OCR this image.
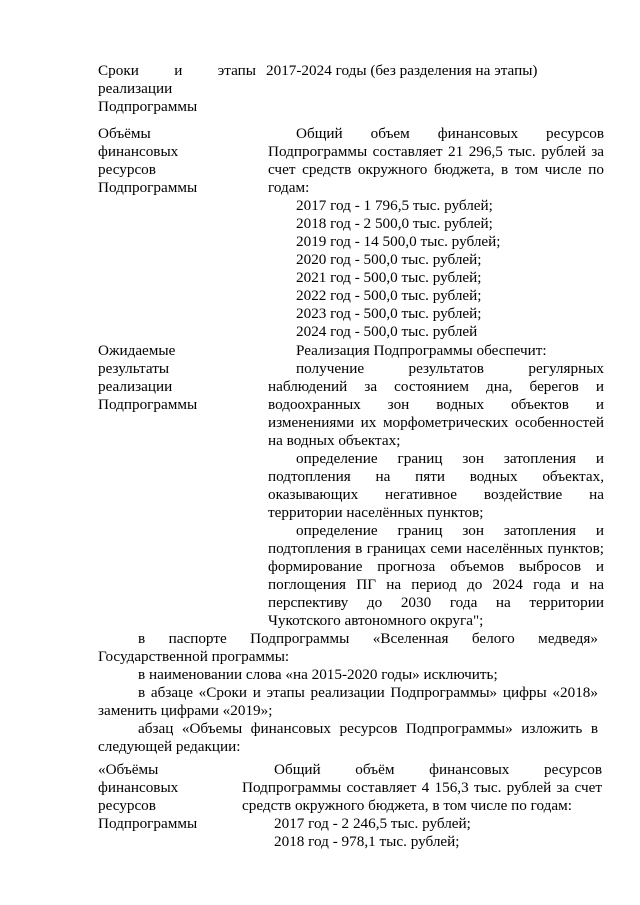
Сроки и этапы
реализации
Подпрограммы
2017-2024 годы (без разделения на этапы)
Объёмы
финансовых
ресурсов
Подпрограммы
Общий объем финансовых ресурсов
Подпрограммы составляет 21 296,5 тыс. рублей за
счет средств окружного бюджета, в том числе по
годам:
2017 год - 1 796,5 тыс. рублей;
2018 год - 2 500,0 тыс. рублей;
2019 год - 14 500,0 тыс. рублей;
2020 год - 500,0 тыс. рублей;
2021 год - 500,0 тыс. рублей;
2022 год - 500,0 тыс. рублей;
2023 год - 500,0 тыс. рублей;
2024 год - 500,0 тыс. рублей
Ожидаемые
результаты
реализации
Подпрограммы
Реализация Подпрограммы обеспечит:
получение результатов регулярных
наблюдений за состоянием дна, берегов и
водоохранных зон водных объектов и
изменениями их морфометрических особенностей
на водных объектах;
определение границ зон затопления и
подтопления на пяти водных объектах,
оказывающих негативное воздействие на
территории населённых пунктов;
определение границ зон затопления и
подтопления в границах семи населённых пунктов;
формирование прогноза объемов выбросов и
поглощения ПГ на период до 2024 года и на
перспективу до 2030 года на территории
Чукотского автономного округа";
в паспорте Подпрограммы «Вселенная белого медведя»
Государственной программы:
в наименовании слова «на 2015-2020 годы» исключить;
в абзаце «Сроки и этапы реализации Подпрограммы» цифры «2018»
заменить цифрами «2019»;
абзац «Объемы финансовых ресурсов Подпрограммы» изложить в
следующей редакции:
«Объёмы
финансовых
ресурсов
Подпрограммы
Общий объём финансовых ресурсов
Подпрограммы составляет 4 156,3 тыс. рублей за счет
средств окружного бюджета, в том числе по годам:
2017 год - 2 246,5 тыс. рублей;
2018 год - 978,1 тыс. рублей;
